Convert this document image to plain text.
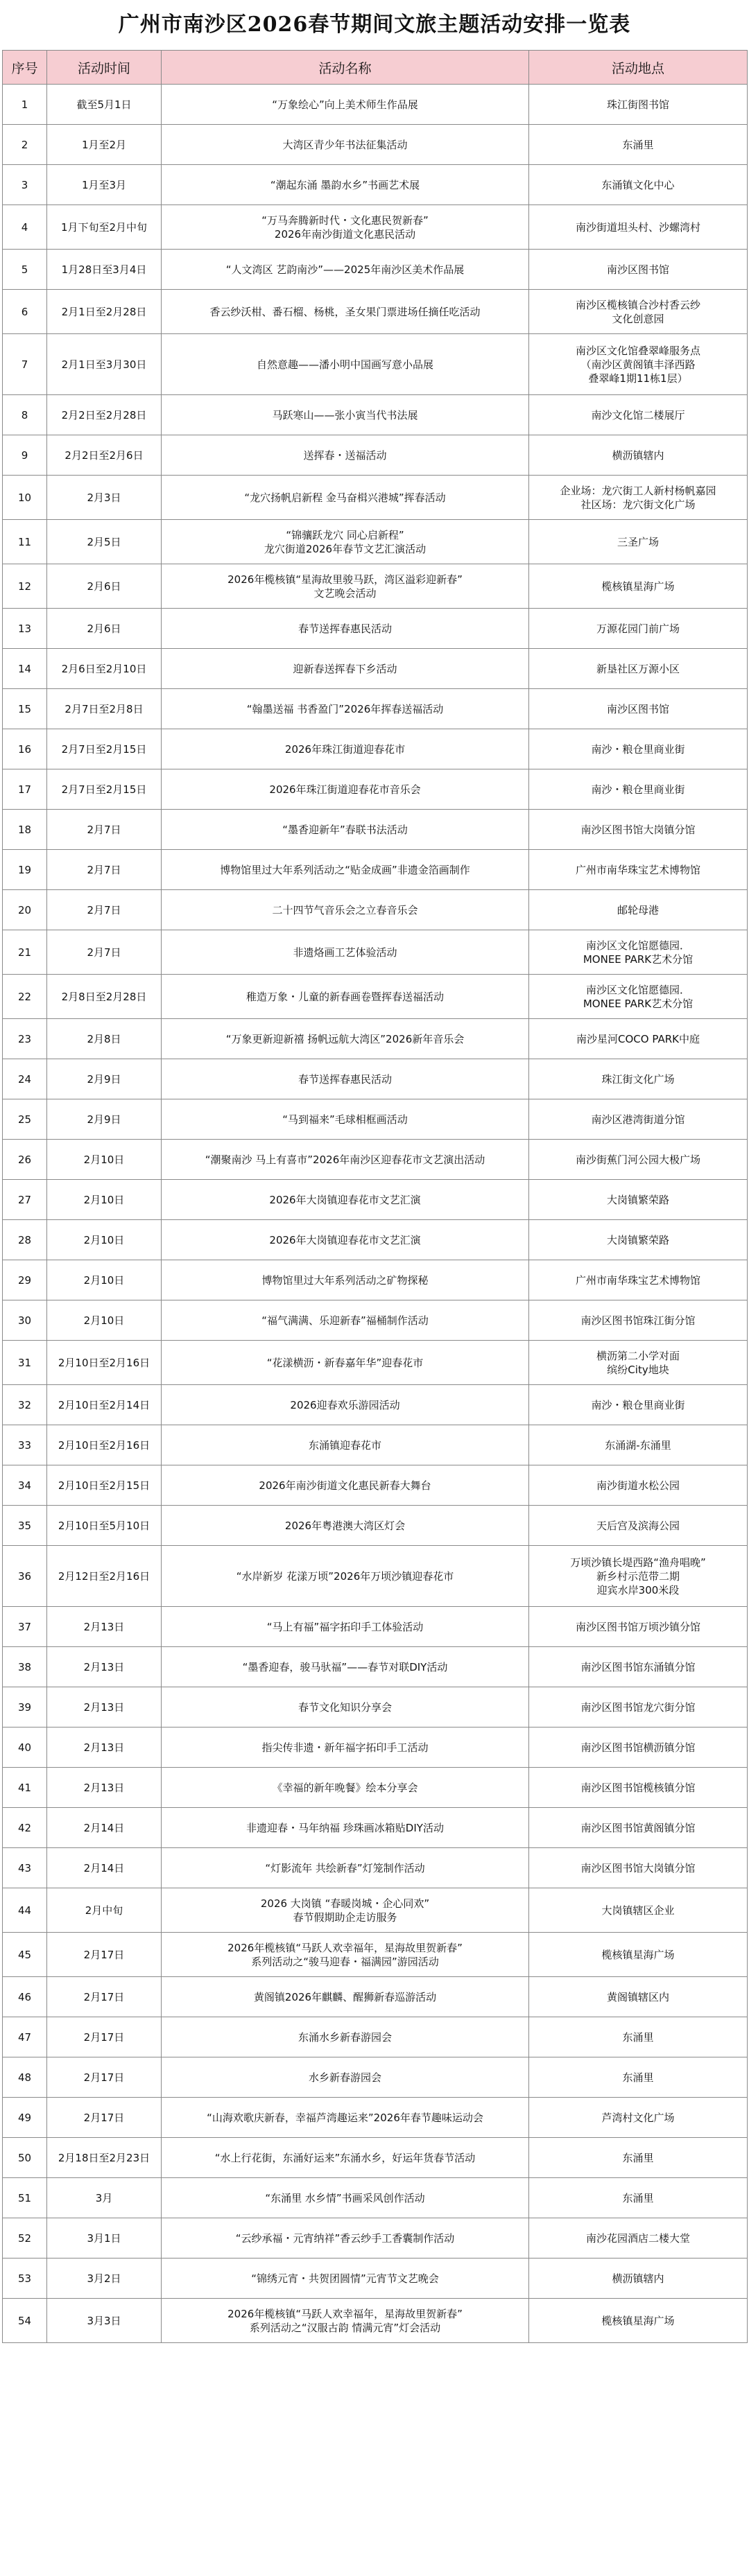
广州市南沙区2026春节期间文旅主题活动安排一览表
序号	活动时间	活动名称	活动地点
1	截至5月1日	“万象绘心”向上美术师生作品展	珠江街图书馆
2	1月至2月	大湾区青少年书法征集活动	东涌里
3	1月至3月	“潮起东涌 墨韵水乡”书画艺术展	东涌镇文化中心
4	1月下旬至2月中旬	“万马奔腾新时代・文化惠民贺新春”
2026年南沙街道文化惠民活动	南沙街道坦头村、沙螺湾村
5	1月28日至3月4日	“人文湾区 艺韵南沙”——2025年南沙区美术作品展	南沙区图书馆
6	2月1日至2月28日	香云纱沃柑、番石榴、杨桃，圣女果门票进场任摘任吃活动	南沙区榄核镇合沙村香云纱
文化创意园
7	2月1日至3月30日	自然意趣——潘小明中国画写意小品展	南沙区文化馆叠翠峰服务点
（南沙区黄阁镇丰泽西路
叠翠峰1期11栋1层）
8	2月2日至2月28日	马跃寒山——张小寅当代书法展	南沙文化馆二楼展厅
9	2月2日至2月6日	送挥春・送福活动	横沥镇辖内
10	2月3日	“龙穴扬帆启新程 金马奋楫兴港城”挥春活动	企业场：龙穴街工人新村杨帆嘉园
社区场：龙穴街文化广场
11	2月5日	“锦骧跃龙穴 同心启新程”
龙穴街道2026年春节文艺汇演活动	三圣广场
12	2月6日	2026年榄核镇“星海故里骏马跃，湾区溢彩迎新春”
文艺晚会活动	榄核镇星海广场
13	2月6日	春节送挥春惠民活动	万源花园门前广场
14	2月6日至2月10日	迎新春送挥春下乡活动	新垦社区万源小区
15	2月7日至2月8日	“翰墨送福 书香盈门”2026年挥春送福活动	南沙区图书馆
16	2月7日至2月15日	2026年珠江街道迎春花市	南沙・粮仓里商业街
17	2月7日至2月15日	2026年珠江街道迎春花市音乐会	南沙・粮仓里商业街
18	2月7日	“墨香迎新年”春联书法活动	南沙区图书馆大岗镇分馆
19	2月7日	博物馆里过大年系列活动之“贴金成画”非遗金箔画制作	广州市南华珠宝艺术博物馆
20	2月7日	二十四节气音乐会之立春音乐会	邮轮母港
21	2月7日	非遗烙画工艺体验活动	南沙区文化馆愿德园．
MONEE PARK艺术分馆
22	2月8日至2月28日	稚造万象・儿童的新春画卷暨挥春送福活动	南沙区文化馆愿德园．
MONEE PARK艺术分馆
23	2月8日	“万象更新迎新禧 扬帆远航大湾区”2026新年音乐会	南沙星河COCO PARK中庭
24	2月9日	春节送挥春惠民活动	珠江街文化广场
25	2月9日	“马到福来”毛球相框画活动	南沙区港湾街道分馆
26	2月10日	“潮聚南沙 马上有喜市”2026年南沙区迎春花市文艺演出活动	南沙街蕉门河公园大极广场
27	2月10日	2026年大岗镇迎春花市文艺汇演	大岗镇繁荣路
28	2月10日	2026年大岗镇迎春花市文艺汇演	大岗镇繁荣路
29	2月10日	博物馆里过大年系列活动之矿物探秘	广州市南华珠宝艺术博物馆
30	2月10日	“福气满满、乐迎新春”福桶制作活动	南沙区图书馆珠江街分馆
31	2月10日至2月16日	“花漾横沥・新春嘉年华”迎春花市	横沥第二小学对面
缤纷City地块
32	2月10日至2月14日	2026迎春欢乐游园活动	南沙・粮仓里商业街
33	2月10日至2月16日	东涌镇迎春花市	东涌湖-东涌里
34	2月10日至2月15日	2026年南沙街道文化惠民新春大舞台	南沙街道水松公园
35	2月10日至5月10日	2026年粤港澳大湾区灯会	天后宫及滨海公园
36	2月12日至2月16日	“水岸新岁 花漾万顷”2026年万顷沙镇迎春花市	万顷沙镇长堤西路“渔舟唱晚”
新乡村示范带二期
迎宾水岸300米段
37	2月13日	“马上有福”福字拓印手工体验活动	南沙区图书馆万顷沙镇分馆
38	2月13日	“墨香迎春，骏马驮福”——春节对联DIY活动	南沙区图书馆东涌镇分馆
39	2月13日	春节文化知识分享会	南沙区图书馆龙穴街分馆
40	2月13日	指尖传非遗・新年福字拓印手工活动	南沙区图书馆横沥镇分馆
41	2月13日	《幸福的新年晚餐》绘本分享会	南沙区图书馆榄核镇分馆
42	2月14日	非遗迎春・马年纳福 珍珠画冰箱贴DIY活动	南沙区图书馆黄阁镇分馆
43	2月14日	“灯影流年 共绘新春”灯笼制作活动	南沙区图书馆大岗镇分馆
44	2月中旬	2026 大岗镇 “春暖岗城・企心同欢”
春节假期助企走访服务	大岗镇辖区企业
45	2月17日	2026年榄核镇“马跃人欢幸福年，星海故里贺新春”
系列活动之“骏马迎春・福满园”游园活动	榄核镇星海广场
46	2月17日	黄阁镇2026年麒麟、醒狮新春巡游活动	黄阁镇辖区内
47	2月17日	东涌水乡新春游园会	东涌里
48	2月17日	水乡新春游园会	东涌里
49	2月17日	“山海欢歌庆新春，幸福芦湾趣运来”2026年春节趣味运动会	芦湾村文化广场
50	2月18日至2月23日	“水上行花街，东涌好运来”东涌水乡，好运年货春节活动	东涌里
51	3月	“东涌里 水乡情”书画采风创作活动	东涌里
52	3月1日	“云纱承福・元宵纳祥”香云纱手工香囊制作活动	南沙花园酒店二楼大堂
53	3月2日	“锦绣元宵・共贺团圆情”元宵节文艺晚会	横沥镇辖内
54	3月3日	2026年榄核镇“马跃人欢幸福年，星海故里贺新春”
系列活动之“汉服古韵 情满元宵”灯会活动	榄核镇星海广场
